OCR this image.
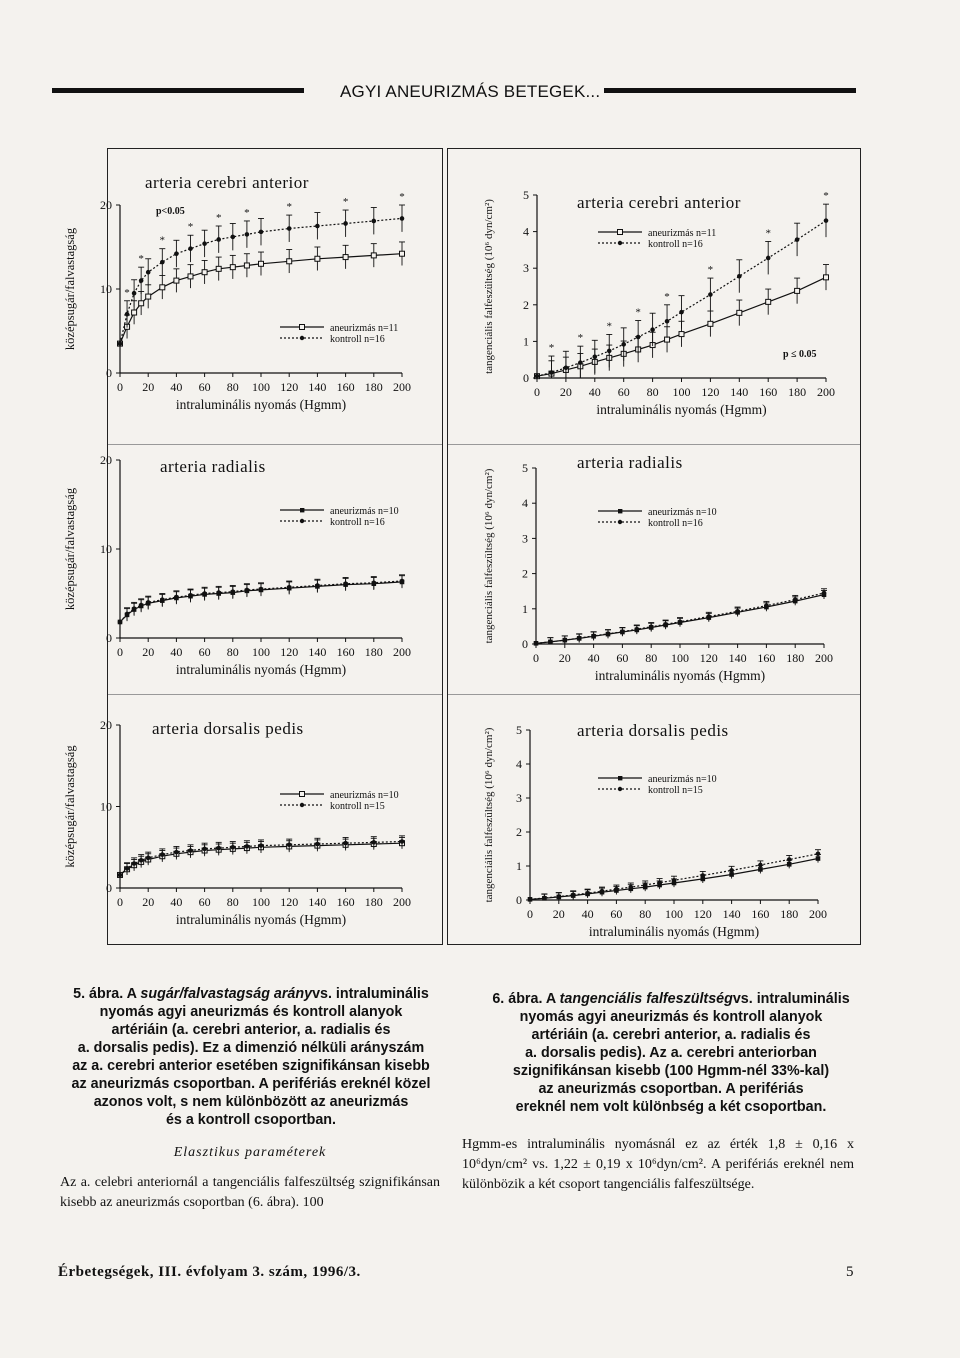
AGYI ANEURIZMÁS BETEGEK...
0 20 40 60 80 100 120 140 160 180 200
0
10
20
intraluminális nyomás (Hgmm)
középsugár/falvastagság
arteria cerebri anterior
p<0.05
*
*
*
*
* *	*	*	*
aneurizmás n=11
kontroll n=16
0 20 40 60 80 100 120 140 160 180 200
0
1
2
3
4
5
intraluminális nyomás (Hgmm)
tangenciális falfeszültség (10⁶ dyn/cm²)	arteria cerebri anterior
p ≤ 0.05
*
*
*
*
*
*
*
*
aneurizmás n=11
kontroll n=16
0 20 40 60 80 100 120 140 160 180 200
0
10
20
intraluminális nyomás (Hgmm)
középsugár/falvastagság
arteria radialis
aneurizmás n=10
kontroll n=16
0 20 40 60 80 100 120 140 160 180 200
0
1
2
3
4
5
intraluminális nyomás (Hgmm)
tangenciális falfeszültség (10⁶ dyn/cm²)
arteria radialis
aneurizmás n=10
kontroll n=16
0 20 40 60 80 100 120 140 160 180 200
0
10
20
intraluminális nyomás (Hgmm)
középsugár/falvastagság
arteria dorsalis pedis
aneurizmás n=10
kontroll n=15
0 20 40 60 80 100 120 140 160 180 200
0
1
2
3
4
5
intraluminális nyomás (Hgmm)
tangenciális falfeszültség (10⁶ dyn/cm²)	arteria dorsalis pedis
aneurizmás n=10
kontroll n=15
5. ábra. A sugár/falvastagság arányvs. intraluminális
nyomás agyi aneurizmás és kontroll alanyok
artériáin (a. cerebri anterior, a. radialis és
a. dorsalis pedis). Ez a dimenzió nélküli arányszám
az a. cerebri anterior esetében szignifikánsan kisebb
az aneurizmás csoportban. A perifériás ereknél közel
azonos volt, s nem különbözött az aneurizmás
és a kontroll csoportban.
6. ábra. A tangenciális falfeszültségvs. intraluminális
nyomás agyi aneurizmás és kontroll alanyok
artériáin (a. cerebri anterior, a. radialis és
a. dorsalis pedis). Az a. cerebri anteriorban
szignifikánsan kisebb (100 Hgmm-nél 33%-kal)
az aneurizmás csoportban. A perifériás
ereknél nem volt különbség a két csoportban.
Elasztikus paraméterek
Az a. celebri anteriornál a tangenciális falfeszültség szignifikánsan kisebb az aneurizmás csoportban (6. ábra). 100
Hgmm-es intraluminális nyomásnál ez az érték 1,8 ± 0,16 x 10⁶dyn/cm² vs. 1,22 ± 0,19 x 10⁶dyn/cm². A perifériás ereknél nem különbözik a két csoport tangenciális falfeszültsége.
Érbetegségek, III. évfolyam 3. szám, 1996/3.	5
